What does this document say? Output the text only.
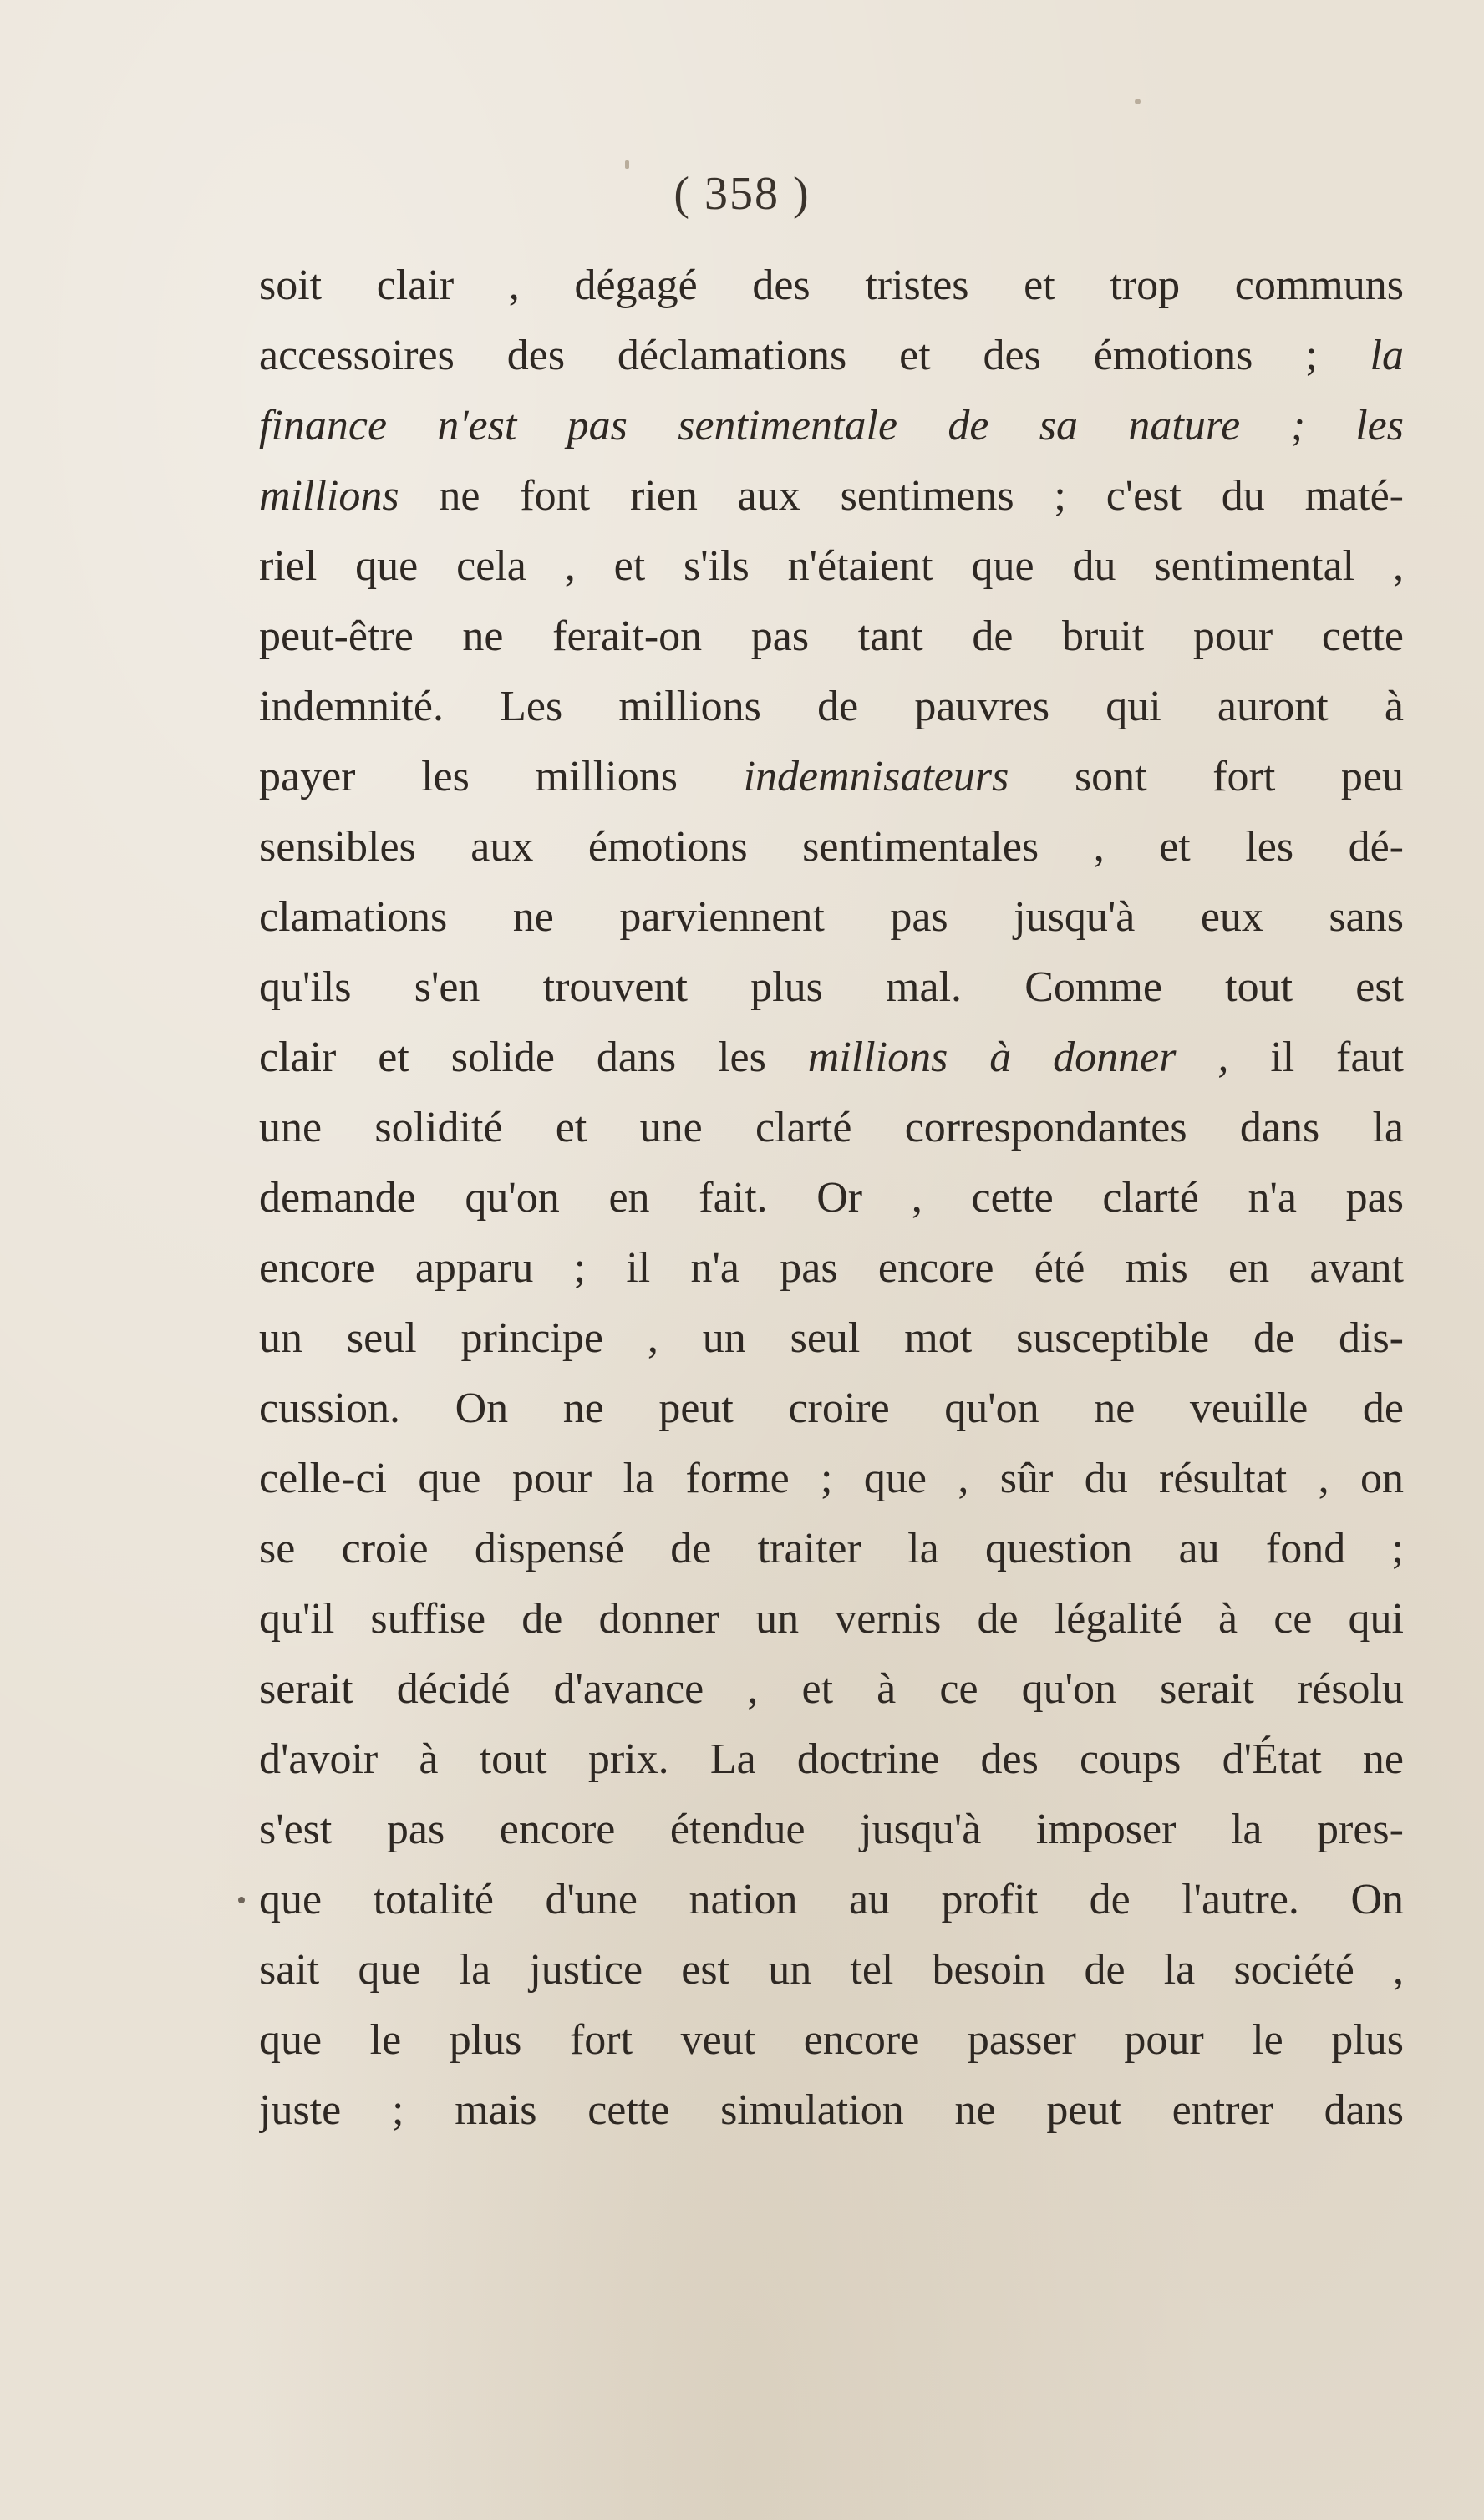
( 358 )
soit clair , dégagé des tristes et trop communs
accessoires des déclamations et des émotions ; la
finance n'est pas sentimentale de sa nature ; les
millions ne font rien aux sentimens ; c'est du maté-
riel que cela , et s'ils n'étaient que du sentimental ,
peut-être ne ferait-on pas tant de bruit pour cette
indemnité. Les millions de pauvres qui auront à
payer les millions indemnisateurs sont fort peu
sensibles aux émotions sentimentales , et les dé-
clamations ne parviennent pas jusqu'à eux sans
qu'ils s'en trouvent plus mal. Comme tout est
clair et solide dans les millions à donner , il faut
une solidité et une clarté correspondantes dans la
demande qu'on en fait. Or , cette clarté n'a pas
encore apparu ; il n'a pas encore été mis en avant
un seul principe , un seul mot susceptible de dis-
cussion. On ne peut croire qu'on ne veuille de
celle-ci que pour la forme ; que , sûr du résultat , on
se croie dispensé de traiter la question au fond ;
qu'il suffise de donner un vernis de légalité à ce qui
serait décidé d'avance , et à ce qu'on serait résolu
d'avoir à tout prix. La doctrine des coups d'État ne
s'est pas encore étendue jusqu'à imposer la pres-
que totalité d'une nation au profit de l'autre. On
sait que la justice est un tel besoin de la société ,
que le plus fort veut encore passer pour le plus
juste ; mais cette simulation ne peut entrer dans
